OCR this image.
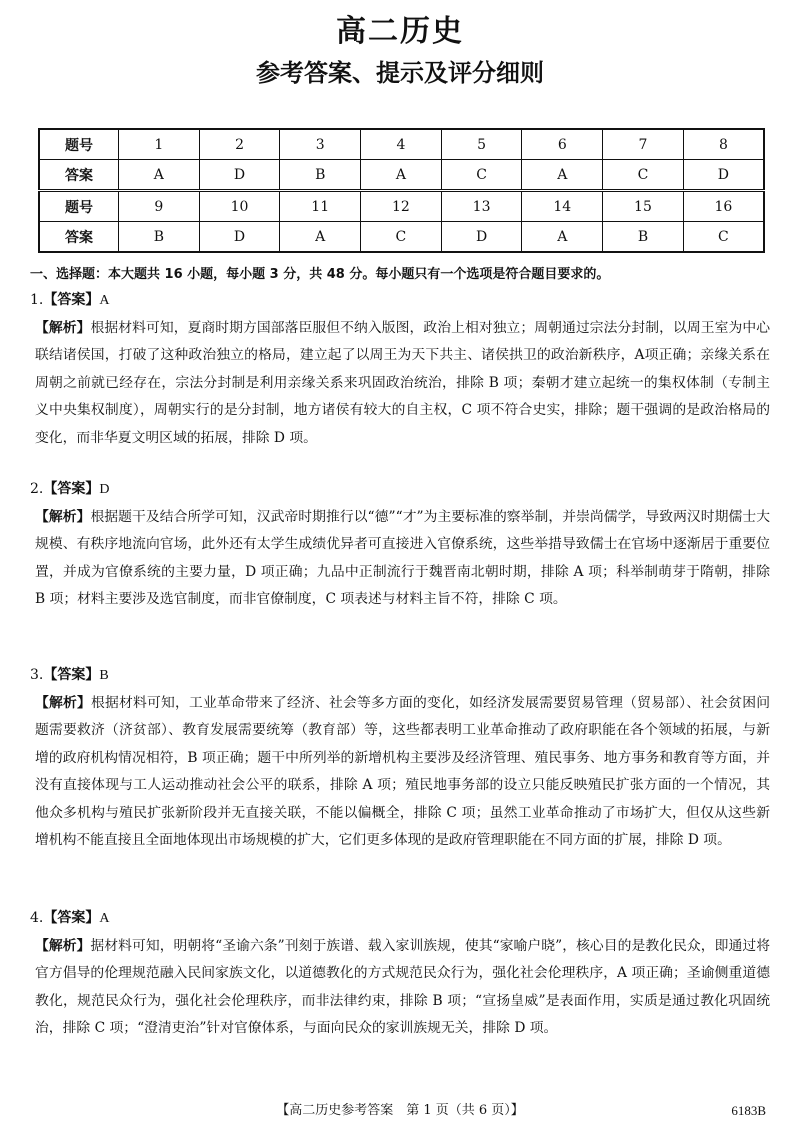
高二历史
参考答案、提示及评分细则
题号	1	2	3	4	5	6	7	8
答案	A	D	B	A	C	A	C	D
题号	9	10	11	12	13	14	15	16
答案	B	D	A	C	D	A	B	C
一、选择题：本大题共 16 小题，每小题 3 分，共 48 分。每小题只有一个选项是符合题目要求的。
1.【答案】A
【解析】根据材料可知，夏商时期方国部落臣服但不纳入版图，政治上相对独立；周朝通过宗法分封制，以周王室为中心联结诸侯国，打破了这种政治独立的格局，建立起了以周王为天下共主、诸侯拱卫的政治新秩序，A项正确；亲缘关系在周朝之前就已经存在，宗法分封制是利用亲缘关系来巩固政治统治，排除 B 项；秦朝才建立起统一的集权体制（专制主义中央集权制度），周朝实行的是分封制，地方诸侯有较大的自主权，C 项不符合史实，排除；题干强调的是政治格局的变化，而非华夏文明区域的拓展，排除 D 项。
2.【答案】D
【解析】根据题干及结合所学可知，汉武帝时期推行以“德”“才”为主要标准的察举制，并崇尚儒学，导致两汉时期儒士大规模、有秩序地流向官场，此外还有太学生成绩优异者可直接进入官僚系统，这些举措导致儒士在官场中逐渐居于重要位置，并成为官僚系统的主要力量，D 项正确；九品中正制流行于魏晋南北朝时期，排除 A 项；科举制萌芽于隋朝，排除 B 项；材料主要涉及选官制度，而非官僚制度，C 项表述与材料主旨不符，排除 C 项。
3.【答案】B
【解析】根据材料可知，工业革命带来了经济、社会等多方面的变化，如经济发展需要贸易管理（贸易部）、社会贫困问题需要救济（济贫部）、教育发展需要统筹（教育部）等，这些都表明工业革命推动了政府职能在各个领域的拓展，与新增的政府机构情况相符，B 项正确；题干中所列举的新增机构主要涉及经济管理、殖民事务、地方事务和教育等方面，并没有直接体现与工人运动推动社会公平的联系，排除 A 项；殖民地事务部的设立只能反映殖民扩张方面的一个情况，其他众多机构与殖民扩张新阶段并无直接关联，不能以偏概全，排除 C 项；虽然工业革命推动了市场扩大，但仅从这些新增机构不能直接且全面地体现出市场规模的扩大，它们更多体现的是政府管理职能在不同方面的扩展，排除 D 项。
4.【答案】A
【解析】据材料可知，明朝将“圣谕六条”刊刻于族谱、载入家训族规，使其“家喻户晓”，核心目的是教化民众，即通过将官方倡导的伦理规范融入民间家族文化，以道德教化的方式规范民众行为，强化社会伦理秩序，A 项正确；圣谕侧重道德教化，规范民众行为，强化社会伦理秩序，而非法律约束，排除 B 项；“宣扬皇威”是表面作用，实质是通过教化巩固统治，排除 C 项；“澄清吏治”针对官僚体系，与面向民众的家训族规无关，排除 D 项。
【高二历史参考答案　第 1 页（共 6 页）】	6183B
